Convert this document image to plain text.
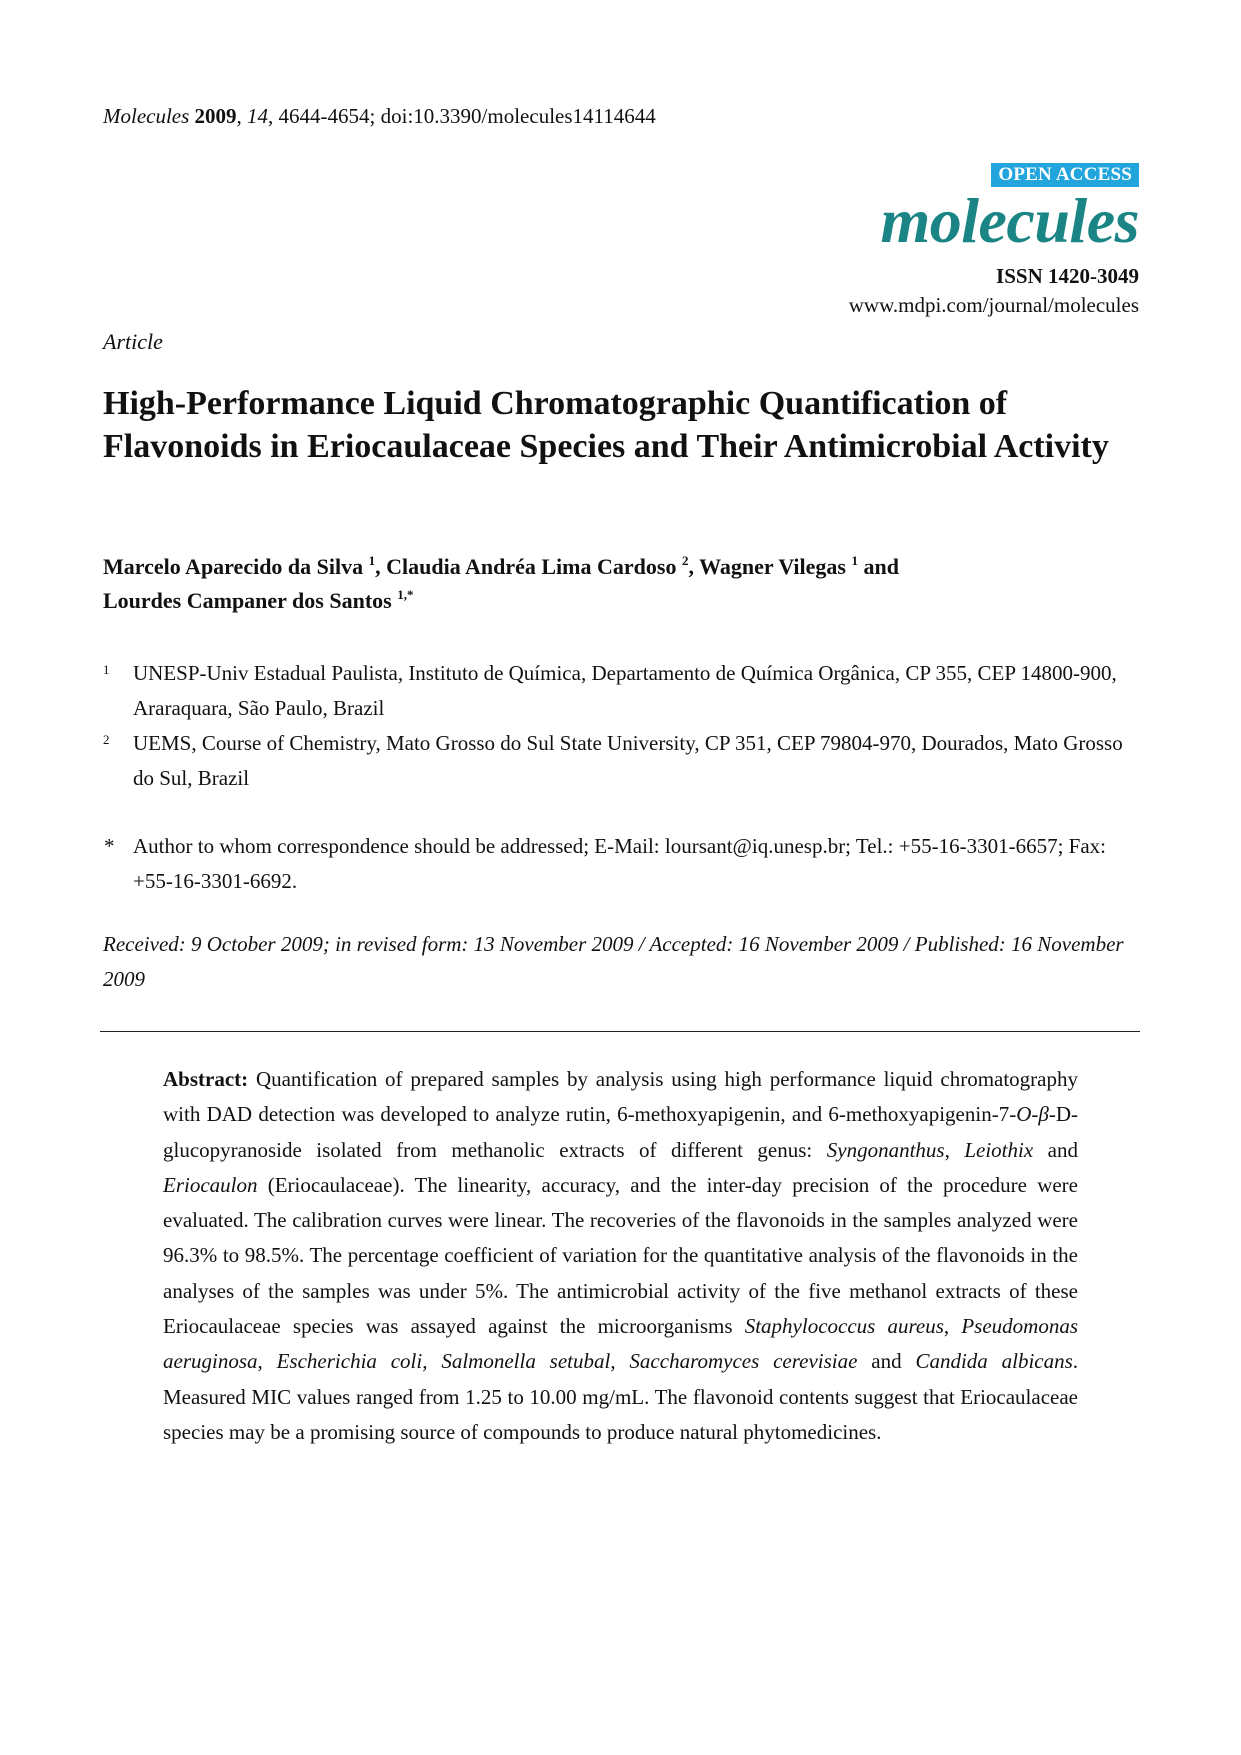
Molecules 2009, 14, 4644-4654; doi:10.3390/molecules14114644
OPEN ACCESS
molecules
ISSN 1420-3049
www.mdpi.com/journal/molecules
Article
High-Performance Liquid Chromatographic Quantification of Flavonoids in Eriocaulaceae Species and Their Antimicrobial Activity
Marcelo Aparecido da Silva $^1$, Claudia Andréa Lima Cardoso $^2$, Wagner Vilegas $^1$ and
Lourdes Campaner dos Santos $^{1,*}$
1 UNESP-Univ Estadual Paulista, Instituto de Química, Departamento de Química Orgânica, CP 355, CEP 14800-900, Araraquara, São Paulo, Brazil
2 UEMS, Course of Chemistry, Mato Grosso do Sul State University, CP 351, CEP 79804-970, Dourados, Mato Grosso do Sul, Brazil
* Author to whom correspondence should be addressed; E-Mail: loursant@iq.unesp.br; Tel.: +55-16-3301-6657; Fax: +55-16-3301-6692.
Received: 9 October 2009; in revised form: 13 November 2009 / Accepted: 16 November 2009 / Published: 16 November 2009

Abstract: Quantification of prepared samples by analysis using high performance liquid chromatography with DAD detection was developed to analyze rutin, 6-methoxyapigenin, and 6-methoxyapigenin-7-O-β-D-glucopyranoside isolated from methanolic extracts of different genus: Syngonanthus, Leiothix and Eriocaulon (Eriocaulaceae). The linearity, accuracy, and the inter-day precision of the procedure were evaluated. The calibration curves were linear. The recoveries of the flavonoids in the samples analyzed were 96.3% to 98.5%. The percentage coefficient of variation for the quantitative analysis of the flavonoids in the analyses of the samples was under 5%. The antimicrobial activity of the five methanol extracts of these Eriocaulaceae species was assayed against the microorganisms Staphylococcus aureus, Pseudomonas aeruginosa, Escherichia coli, Salmonella setubal, Saccharomyces cerevisiae and Candida albicans. Measured MIC values ranged from 1.25 to 10.00 mg/mL. The flavonoid contents suggest that Eriocaulaceae species may be a promising source of compounds to produce natural phytomedicines.
